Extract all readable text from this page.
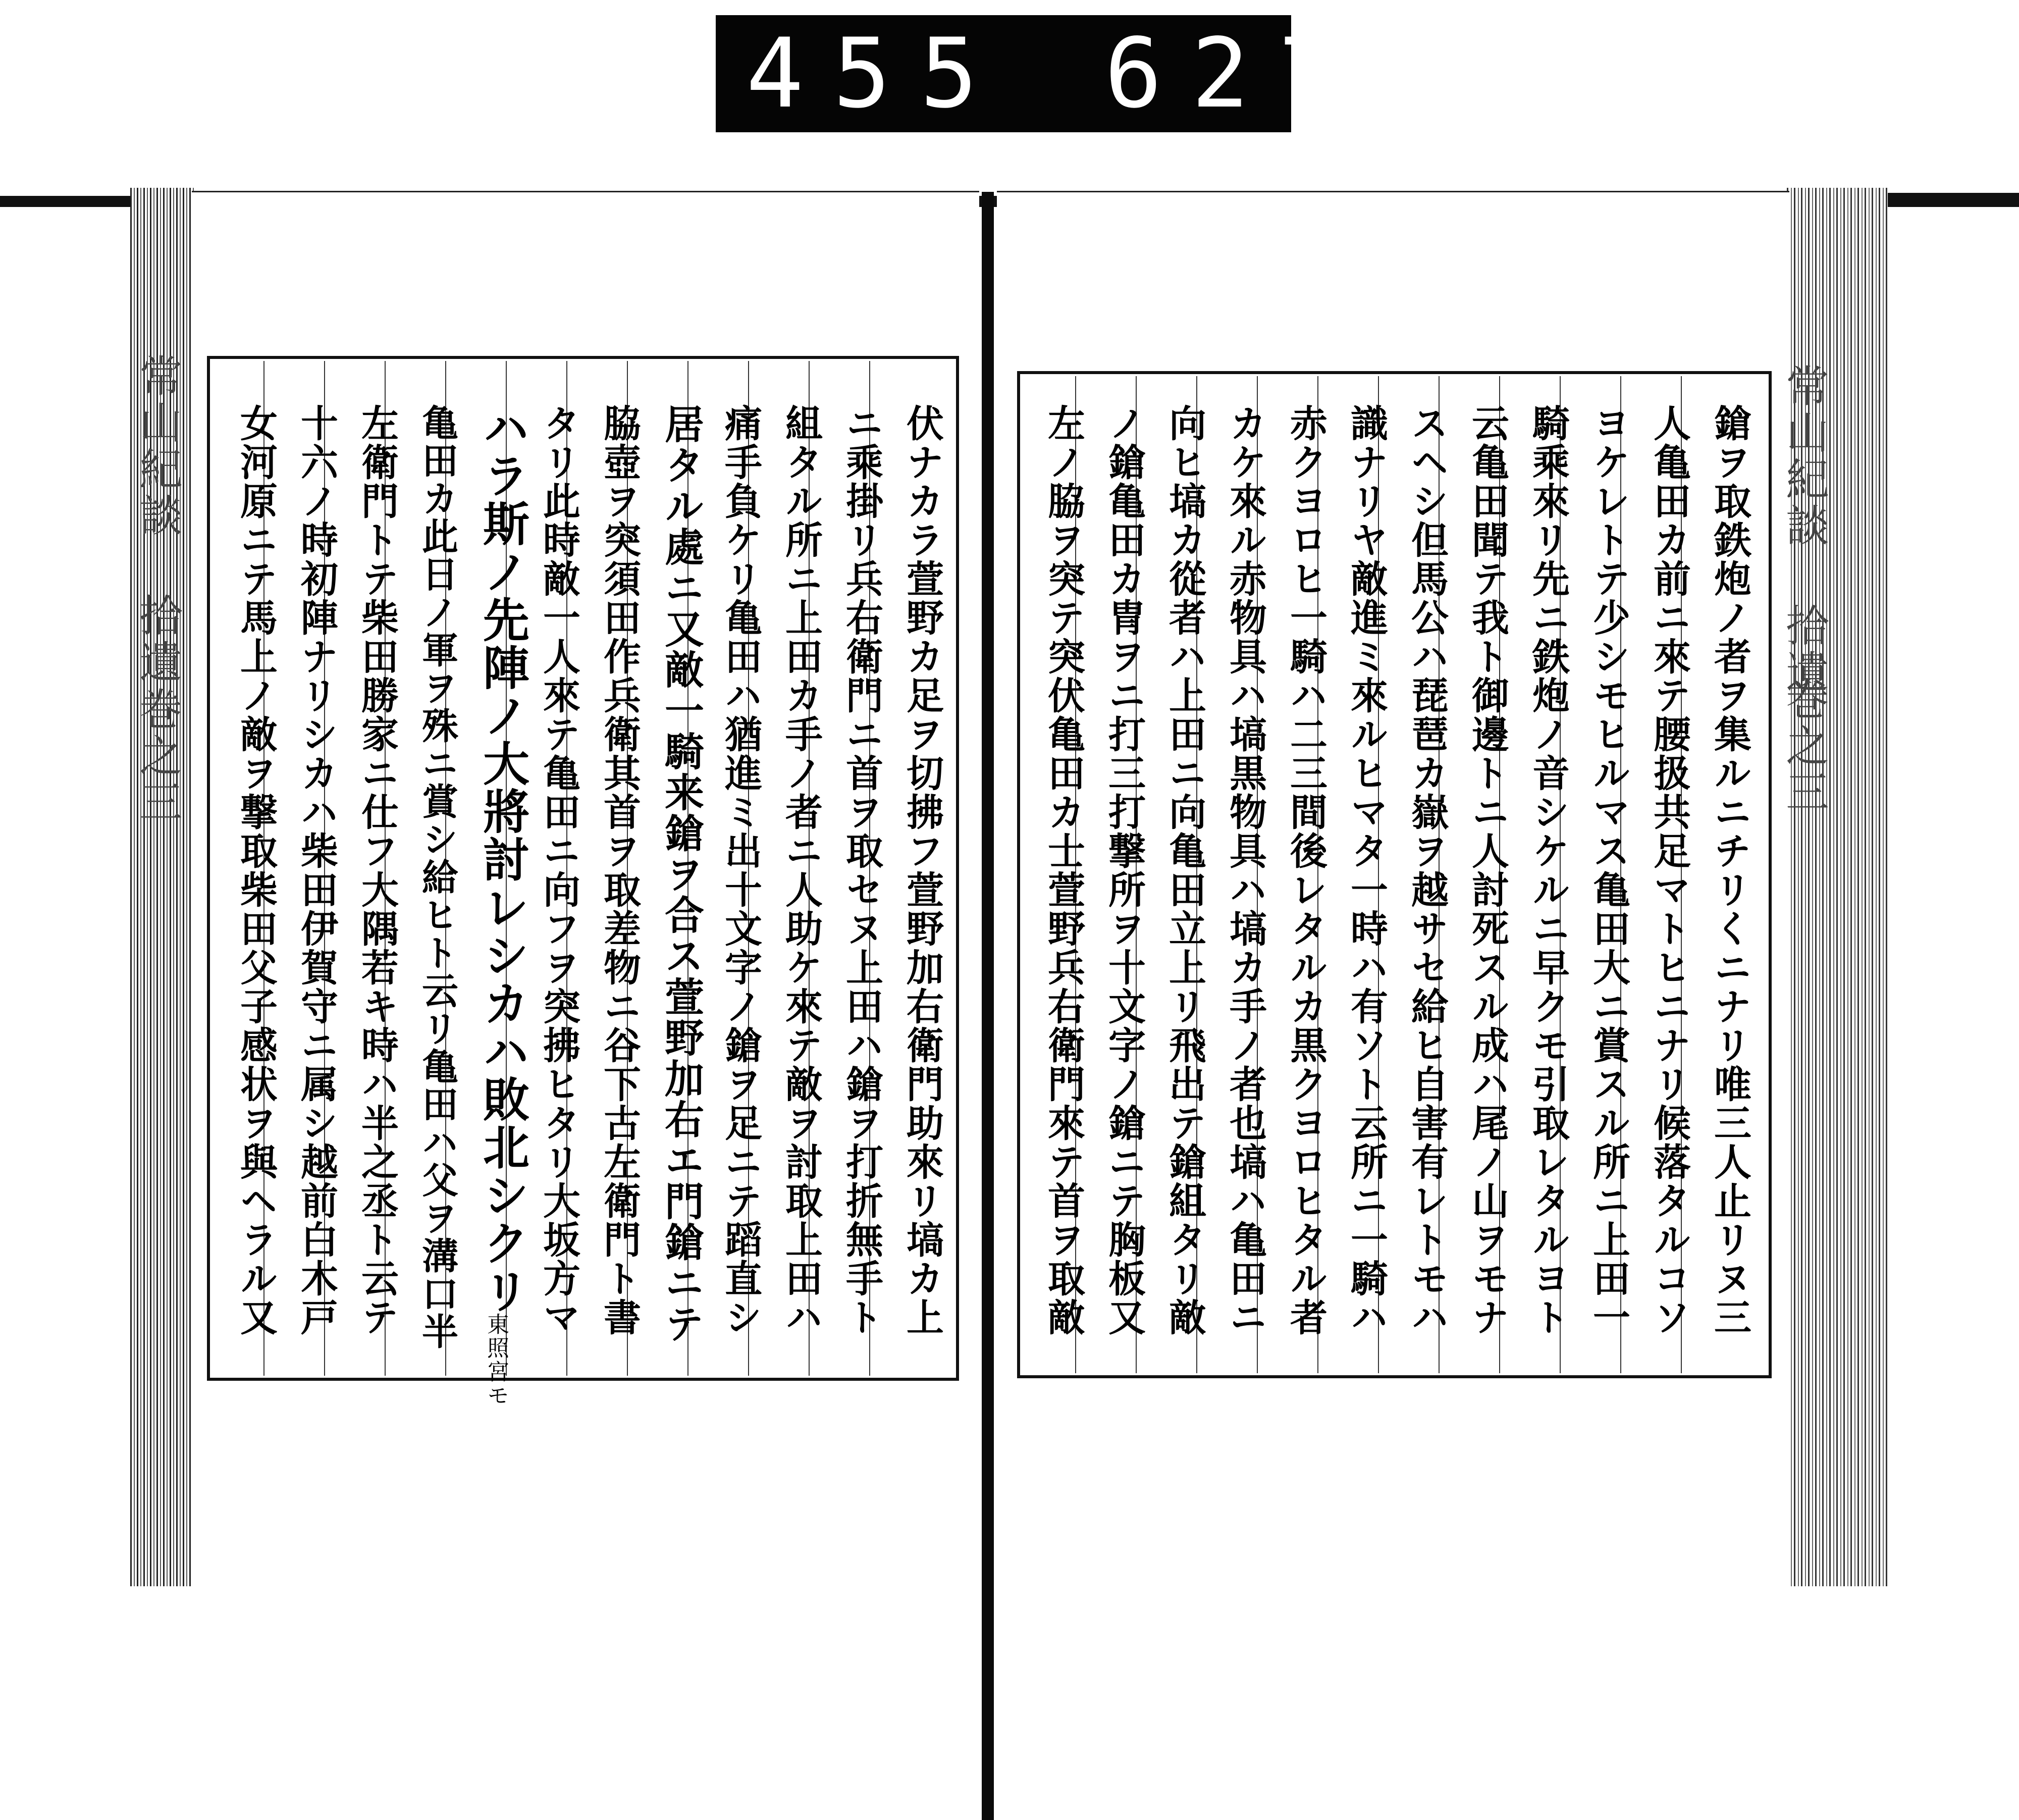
455 627.
常山紀談 拾遺
巻之三
常山紀談 拾遺
巻之三
伏ナカラ萱野カ足ヲ切拂フ萱野加右衛門助來リ塙カ上
ニ乘掛リ兵右衛門ニ首ヲ取セヌ上田ハ鎗ヲ打折無手ト
組タル所ニ上田カ手ノ者ニ人助ケ來テ敵ヲ討取上田ハ
痛手負ケリ亀田ハ猶進ミ出十文字ノ鎗ヲ足ニテ蹈直シ
居タル處ニ又敵一騎来鎗ヲ合ス萱野加右エ門鎗ニテ
脇壺ヲ突須田作兵衛其首ヲ取差物ニ谷下古左衛門ト書
タリ此時敵一人來テ亀田ニ向フヲ突拂ヒタリ大坂方マ
ハラ斯ノ先陣ノ大將討レシカハ敗北シクリ
東照宮モ
亀田カ此日ノ軍ヲ殊ニ賞シ給ヒト云リ亀田ハ父ヲ溝口半
左衛門トテ柴田勝家ニ仕フ大隅若キ時ハ半之丞ト云テ
十六ノ時初陣ナリシカハ柴田伊賀守ニ属シ越前白木戸
女河原ニテ馬上ノ敵ヲ撃取柴田父子感状ヲ與ヘラル又	鎗ヲ取鉄炮ノ者ヲ集ルニチリくニナリ唯三人止リヌ三
人亀田カ前ニ來テ腰扱共足マトヒニナリ候落タルコソ
ヨケレトテ少シモヒルマス亀田大ニ賞スル所ニ上田一
騎乘來リ先ニ鉄炮ノ音シケルニ早クモ引取レタルヨト
云亀田聞テ我ト御邊トニ人討死スル成ハ尾ノ山ヲモナ
スヘシ但馬公ハ琵琶カ嶽ヲ越サセ給ヒ自害有レトモハ
識ナリヤ敵進ミ來ルヒマタ一時ハ有ソト云所ニ一騎ハ
赤クヨロヒ一騎ハ二三間後レタルカ黒クヨロヒタル者
カケ來ル赤物具ハ塙黒物具ハ塙カ手ノ者也塙ハ亀田ニ
向ヒ塙カ從者ハ上田ニ向亀田立上リ飛出テ鎗組タリ敵
ノ鎗亀田カ冑ヲニ打三打撃所ヲ十文字ノ鎗ニテ胸板又
左ノ脇ヲ突テ突伏亀田カ士萱野兵右衛門來テ首ヲ取敵
